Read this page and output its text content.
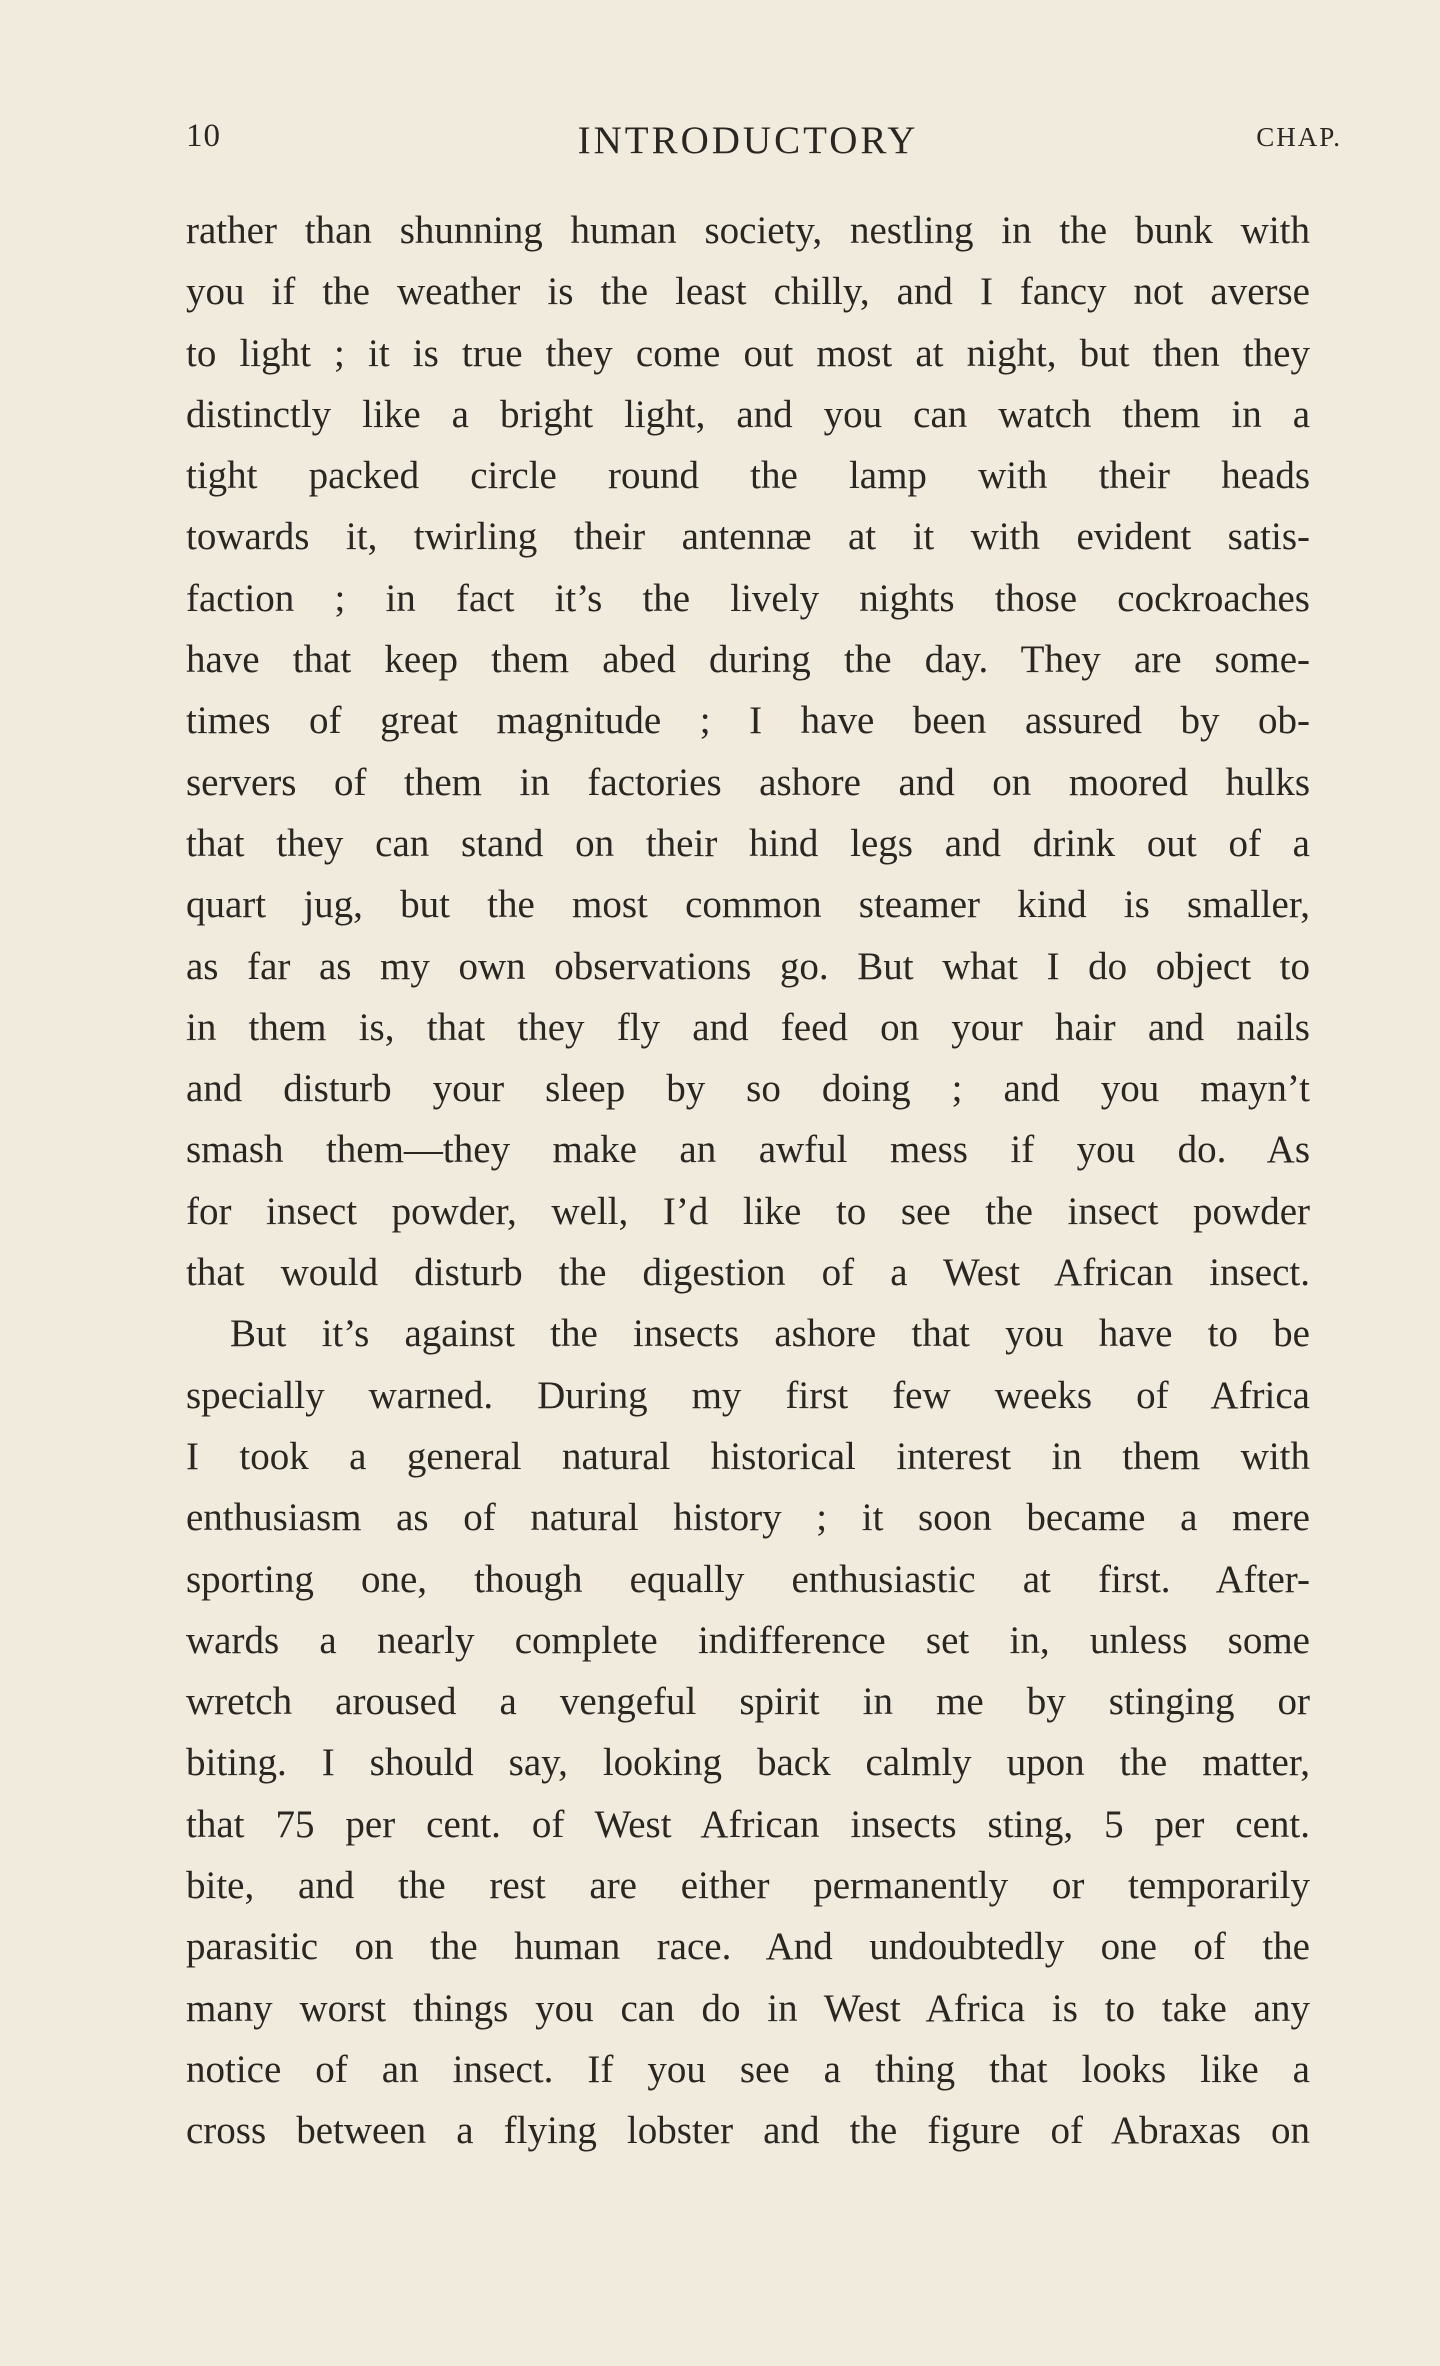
10	INTRODUCTORY	CHAP.
rather than shunning human society, nestling in the bunk with
you if the weather is the least chilly, and I fancy not averse
to light ; it is true they come out most at night, but then they
distinctly like a bright light, and you can watch them in a
tight packed circle round the lamp with their heads
towards it, twirling their antennæ at it with evident satis-
faction ; in fact it’s the lively nights those cockroaches
have that keep them abed during the day. They are some-
times of great magnitude ; I have been assured by ob-
servers of them in factories ashore and on moored hulks
that they can stand on their hind legs and drink out of a
quart jug, but the most common steamer kind is smaller,
as far as my own observations go. But what I do object to
in them is, that they fly and feed on your hair and nails
and disturb your sleep by so doing ; and you mayn’t
smash them—they make an awful mess if you do. As
for insect powder, well, I’d like to see the insect powder
that would disturb the digestion of a West African insect.
But it’s against the insects ashore that you have to be
specially warned. During my first few weeks of Africa
I took a general natural historical interest in them with
enthusiasm as of natural history ; it soon became a mere
sporting one, though equally enthusiastic at first. After-
wards a nearly complete indifference set in, unless some
wretch aroused a vengeful spirit in me by stinging or
biting. I should say, looking back calmly upon the matter,
that 75 per cent. of West African insects sting, 5 per cent.
bite, and the rest are either permanently or temporarily
parasitic on the human race. And undoubtedly one of the
many worst things you can do in West Africa is to take any
notice of an insect. If you see a thing that looks like a
cross between a flying lobster and the figure of Abraxas on
